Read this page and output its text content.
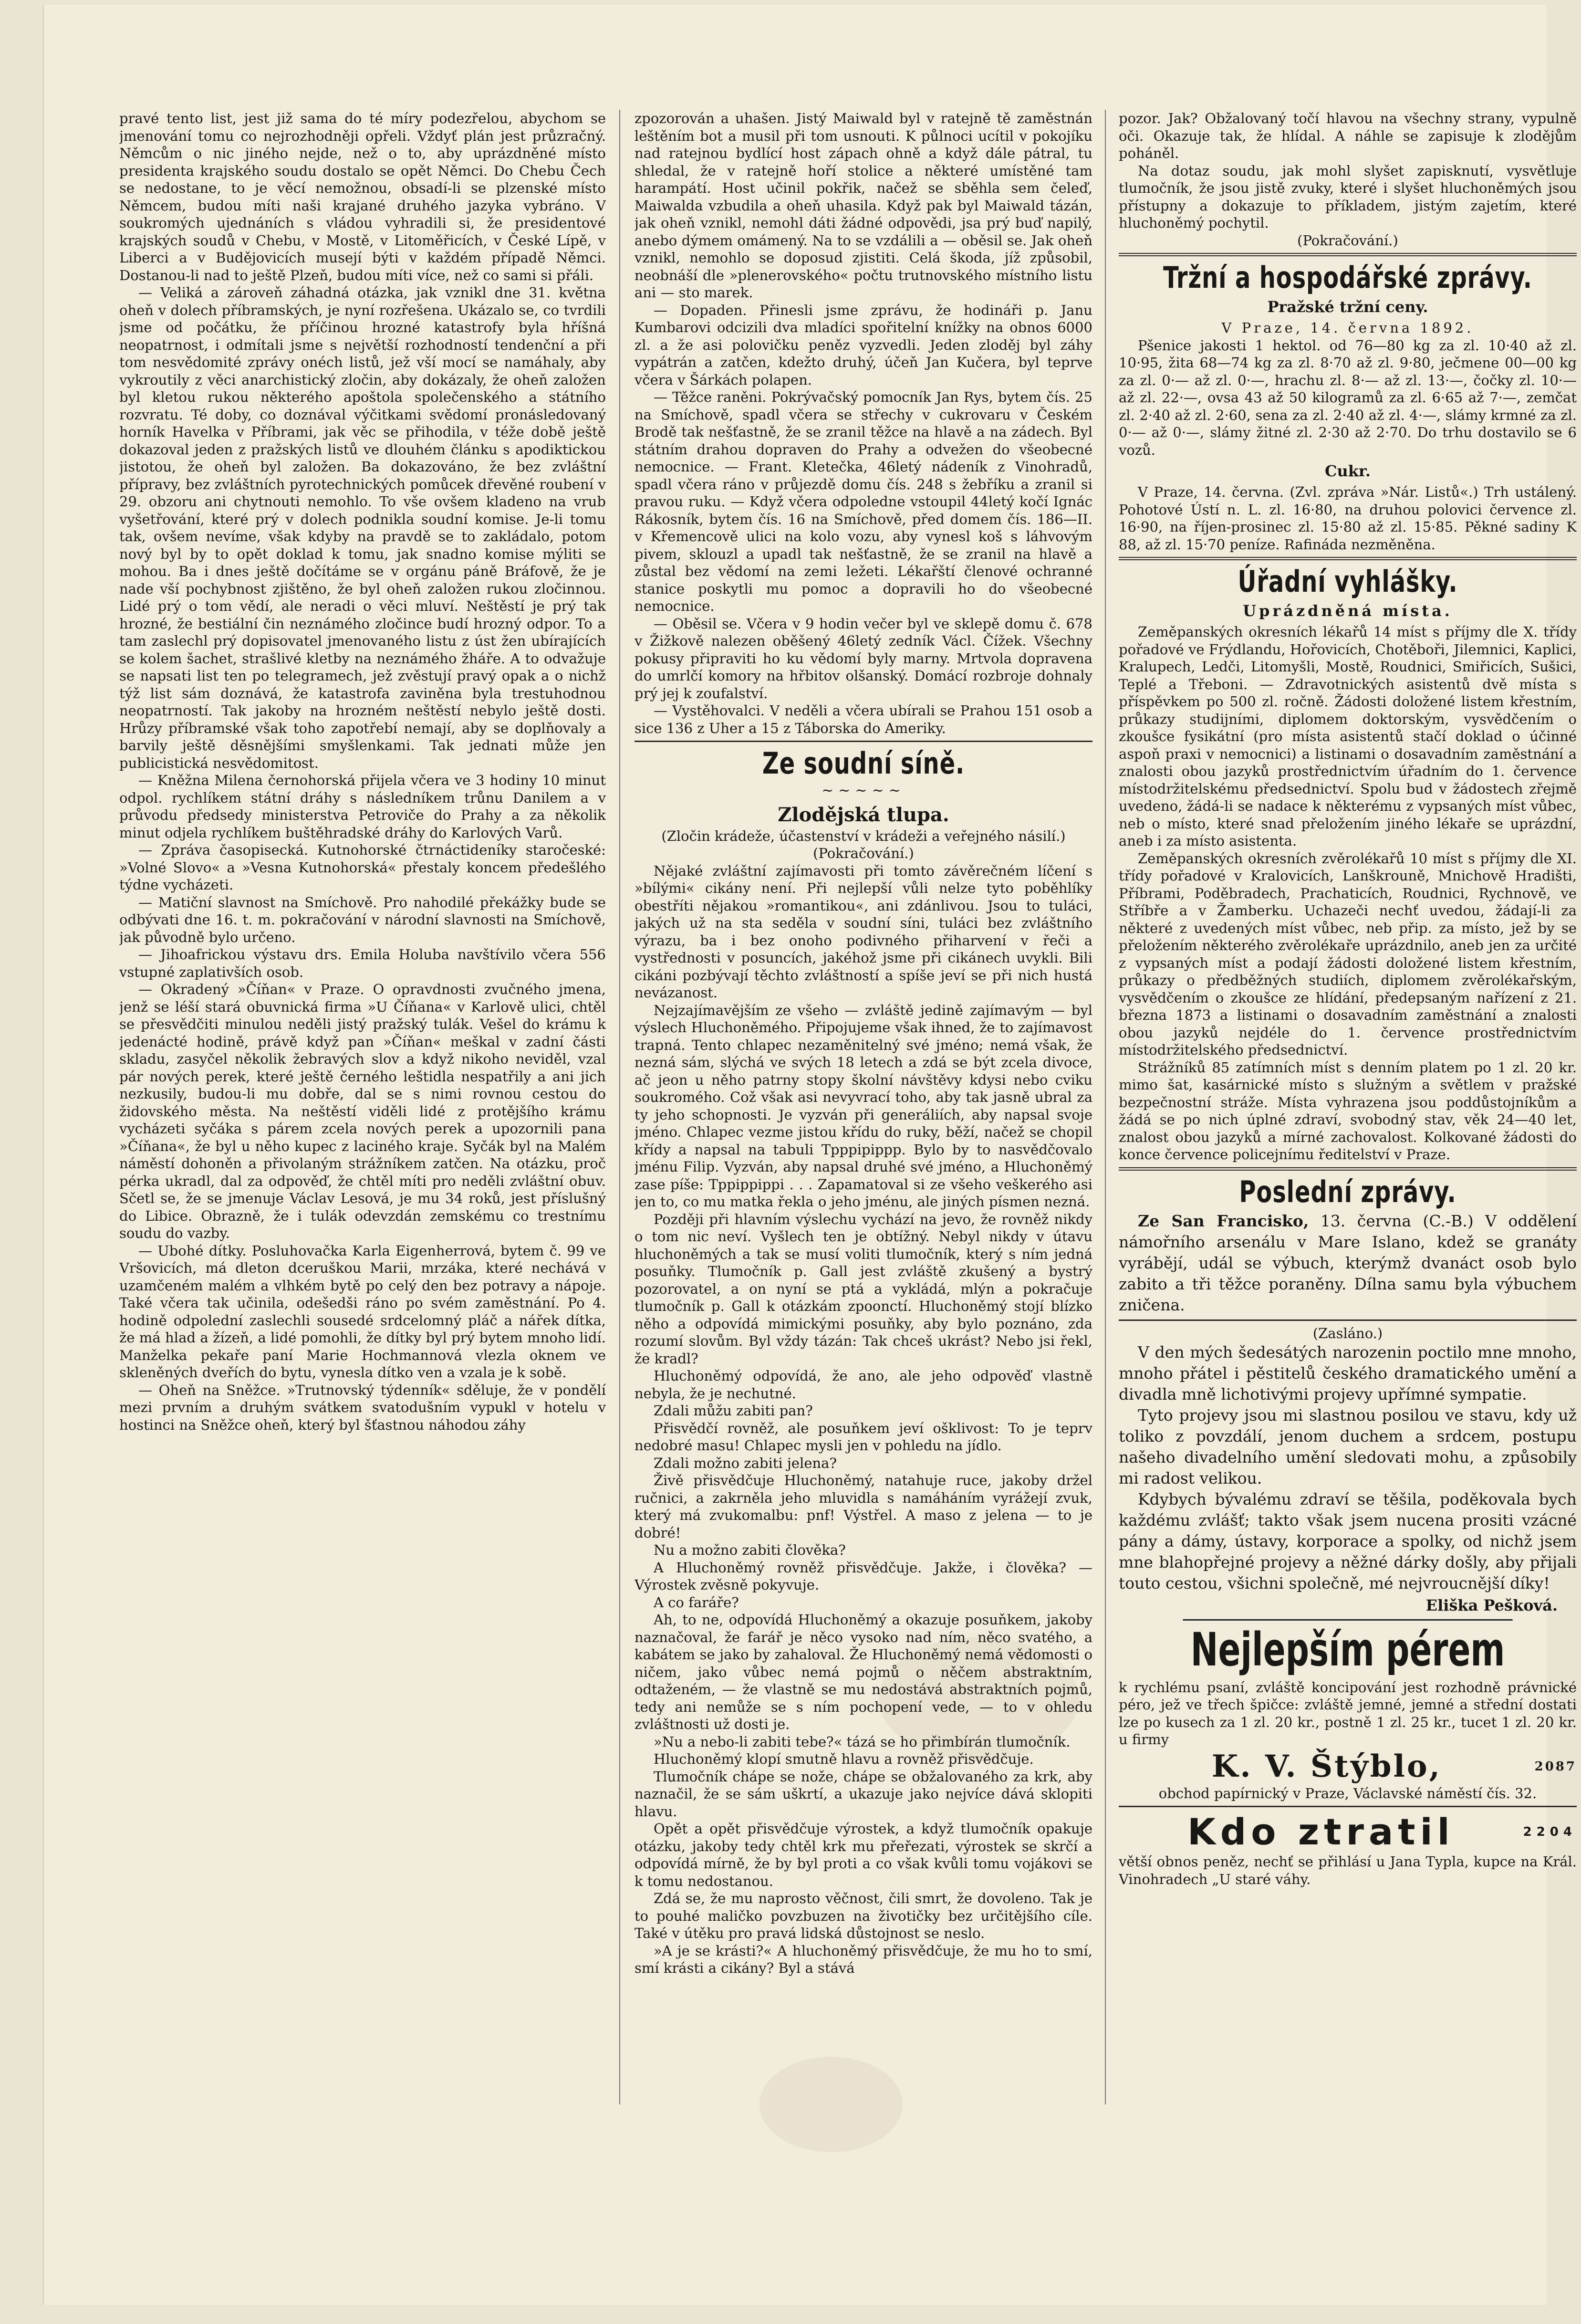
pravé tento list, jest již sama do té míry podezřelou, abychom se jmenování tomu co nejrozhodněji opřeli. Vždyť plán jest průzračný. Němcům o nic jiného nejde, než o to, aby uprázdněné místo presidenta krajského soudu dostalo se opět Němci. Do Chebu Čech se nedostane, to je věcí nemožnou, obsadí-li se plzenské místo Němcem, budou míti naši krajané druhého jazyka vybráno. V soukromých ujednáních s vládou vyhradili si, že presidentové krajských soudů v Chebu, v Mostě, v Litoměřicích, v České Lípě, v Liberci a v Budějovicích musejí býti v každém případě Němci. Dostanou-li nad to ještě Plzeň, budou míti více, než co sami si přáli.

— Veliká a zároveň záhadná otázka, jak vznikl dne 31. května oheň v dolech příbramských, je nyní rozřešena. Ukázalo se, co tvrdili jsme od počátku, že příčinou hrozné katastrofy byla hříšná neopatrnost, i odmítali jsme s největší rozhodností tendenční a při tom nesvědomité zprávy onéch listů, jež vší mocí se namáhaly, aby vykroutily z věci anarchistický zločin, aby dokázaly, že oheň založen byl kletou rukou některého apoštola společenského a státního rozvratu. Té doby, co doznával výčitkami svědomí pronásledovaný horník Havelka v Příbrami, jak věc se přihodila, v téže době ještě dokazoval jeden z pražských listů ve dlouhém článku s apodiktickou jistotou, že oheň byl založen. Ba dokazováno, že bez zvláštní přípravy, bez zvláštních pyrotechnických pomůcek dřevěné roubení v 29. obzoru ani chytnouti nemohlo. To vše ovšem kladeno na vrub vyšetřování, které prý v dolech podnikla soudní komise. Je-li tomu tak, ovšem nevíme, však kdyby na pravdě se to zakládalo, potom nový byl by to opět doklad k tomu, jak snadno komise mýliti se mohou. Ba i dnes ještě dočítáme se v orgánu páně Bráfově, že je nade vší pochybnost zjištěno, že byl oheň založen rukou zločinnou. Lidé prý o tom vědí, ale neradi o věci mluví. Neštěstí je prý tak hrozné, že bestiální čin neznámého zločince budí hrozný odpor. To a tam zaslechl prý dopisovatel jmenovaného listu z úst žen ubírajících se kolem šachet, strašlivé kletby na neznámého žháře. A to odvažuje se napsati list ten po telegramech, jež zvěstují pravý opak a o nichž týž list sám doznává, že katastrofa zaviněna byla trestuhodnou neopatrností. Tak jakoby na hrozném neštěstí nebylo ještě dosti. Hrůzy příbramské však toho zapotřebí nemají, aby se doplňovaly a barvily ještě děsnějšími smyšlenkami. Tak jednati může jen publicistická nesvědomitost.

— Kněžna Milena černohorská přijela včera ve 3 hodiny 10 minut odpol. rychlíkem státní dráhy s následníkem trůnu Danilem a v průvodu předsedy ministerstva Petroviče do Prahy a za několik minut odjela rychlíkem buštěhradské dráhy do Karlových Varů.

— Zpráva časopisecká. Kutnohorské čtrnáctideníky staročeské: »Volné Slovo« a »Vesna Kutnohorská« přestaly koncem předešlého týdne vycházeti.

— Matiční slavnost na Smíchově. Pro nahodilé překážky bude se odbývati dne 16. t. m. pokračování v národní slavnosti na Smíchově, jak původně bylo určeno.

— Jihoafrickou výstavu drs. Emila Holuba navštívilo včera 556 vstupné zaplativších osob.

— Okradený »Číňan« v Praze. O opravdnosti zvučného jmena, jenž se léší stará obuvnická firma »U Číňana« v Karlově ulici, chtěl se přesvědčiti minulou neděli jistý pražský tulák. Vešel do krámu k jedenácté hodině, právě když pan »Číňan« meškal v zadní části skladu, zasyčel několik žebravých slov a když nikoho neviděl, vzal pár nových perek, které ještě černého leštidla nespatřily a ani jich nezkusily, budou-li mu dobře, dal se s nimi rovnou cestou do židovského města. Na neštěstí viděli lidé z protějšího krámu vycházeti syčáka s párem zcela nových perek a upozornili pana »Číňana«, že byl u něho kupec z laciného kraje. Syčák byl na Malém náměstí dohoněn a přivolaným strážníkem zatčen. Na otázku, proč pérka ukradl, dal za odpověď, že chtěl míti pro neděli zvláštní obuv. Sčetl se, že se jmenuje Václav Lesová, je mu 34 roků, jest příslušný do Libice. Obrazně, že i tulák odevzdán zemskému co trestnímu soudu do vazby.

— Ubohé dítky. Posluhovačka Karla Eigenherrová, bytem č. 99 ve Vršovicích, má dleton dceruškou Marii, mrzáka, které nechává v uzamčeném malém a vlhkém bytě po celý den bez potravy a nápoje. Také včera tak učinila, odešedši ráno po svém zaměstnání. Po 4. hodině odpolední zaslechli sousedé srdcelomný pláč a nářek dítka, že má hlad a žízeň, a lidé pomohli, že dítky byl prý bytem mnoho lidí. Manželka pekaře paní Marie Hochmannová vlezla oknem ve skleněných dveřích do bytu, vynesla dítko ven a vzala je k sobě.

— Oheň na Sněžce. »Trutnovský týdenník« sděluje, že v pondělí mezi prvním a druhým svátkem svatodušním vypukl v hotelu v hostinci na Sněžce oheň, který byl šťastnou náhodou záhy

zpozorován a uhašen. Jistý Maiwald byl v ratejně tě zaměstnán leštěním bot a musil při tom usnouti. K půlnoci ucítil v pokojíku nad ratejnou bydlící host zápach ohně a když dále pátral, tu shledal, že v ratejně hoří stolice a některé umístěné tam harampátí. Host učinil pokřik, načež se sběhla sem čeleď, Maiwalda vzbudila a oheň uhasila. Když pak byl Maiwald tázán, jak oheň vznikl, nemohl dáti žádné odpovědi, jsa prý buď napilý, anebo dýmem omámený. Na to se vzdálili a — oběsil se. Jak oheň vznikl, nemohlo se doposud zjistiti. Celá škoda, jíž způsobil, neobnáší dle »plenerovského« počtu trutnovského místního listu ani — sto marek.

— Dopaden. Přinesli jsme zprávu, že hodináři p. Janu Kumbarovi odcizili dva mladíci spořitelní knížky na obnos 6000 zl. a že asi polovičku peněz vyzvedli. Jeden zloděj byl záhy vypátrán a zatčen, kdežto druhý, účeň Jan Kučera, byl teprve včera v Šárkách polapen.

— Těžce raněni. Pokrývačský pomocník Jan Rys, bytem čís. 25 na Smíchově, spadl včera se střechy v cukrovaru v Českém Brodě tak nešťastně, že se zranil těžce na hlavě a na zádech. Byl státním drahou dopraven do Prahy a odvežen do všeobecné nemocnice. — Frant. Kletečka, 46letý nádeník z Vinohradů, spadl včera ráno v průjezdě domu čís. 248 s žebříku a zranil si pravou ruku. — Když včera odpoledne vstoupil 44letý kočí Ignác Rákosník, bytem čís. 16 na Smíchově, před domem čís. 186—II. v Křemencově ulici na kolo vozu, aby vynesl koš s láhvovým pivem, sklouzl a upadl tak nešťastně, že se zranil na hlavě a zůstal bez vědomí na zemi ležeti. Lékařští členové ochranné stanice poskytli mu pomoc a dopravili ho do všeobecné nemocnice.

— Oběsil se. Včera v 9 hodin večer byl ve sklepě domu č. 678 v Žižkově nalezen oběšený 46letý zedník Václ. Čížek. Všechny pokusy připraviti ho ku vědomí byly marny. Mrtvola dopravena do umrlčí komory na hřbitov olšanský. Domácí rozbroje dohnaly prý jej k zoufalství.

— Vystěhovalci. V neděli a včera ubírali se Prahou 151 osob a sice 136 z Uher a 15 z Táborska do Ameriky.

Ze soudní síně.
~~~~~
Zlodějská tlupa.

(Zločin krádeže, účastenství v krádeži a veřejného násilí.)

(Pokračování.)

Nějaké zvláštní zajímavosti při tomto závěrečném líčení s »bílými« cikány není. Při nejlepší vůli nelze tyto poběhlíky obestříti nějakou »romantikou«, ani zdánlivou. Jsou to tuláci, jakých už na sta seděla v soudní síni, tuláci bez zvláštního výrazu, ba i bez onoho podivného přiharvení v řeči a vystřednosti v posuncích, jakéhož jsme při cikánech uvykli. Bili cikáni pozbývají těchto zvláštností a spíše jeví se při nich hustá nevázanost.

Nejzajímavějším ze všeho — zvláště jedině zajímavým — byl výslech Hluchoněmého. Připojujeme však ihned, že to zajímavost trapná. Tento chlapec nezaměnitelný své jméno; nemá však, že nezná sám, slýchá ve svých 18 letech a zdá se být zcela divoce, ač jeon u něho patrny stopy školní návštěvy kdysi nebo cviku soukromého. Což však asi nevyvrací toho, aby tak jasně ubral za ty jeho schopnosti. Je vyzván při generáliích, aby napsal svoje jméno. Chlapec vezme jistou křídu do ruky, běží, načež se chopil křídy a napsal na tabuli Tpppipippp. Bylo by to nasvědčovalo jménu Filip. Vyzván, aby napsal druhé své jméno, a Hluchoněmý zase píše: Tppippippi . . . Zapamatoval si ze všeho veškerého asi jen to, co mu matka řekla o jeho jménu, ale jiných písmen nezná.

Později při hlavním výslechu vychází na jevo, že rovněž nikdy o tom nic neví. Vyšlech ten je obtížný. Nebyl nikdy v útavu hluchoněmých a tak se musí voliti tlumočník, který s ním jedná posuňky. Tlumočník p. Gall jest zvláště zkušený a bystrý pozorovatel, a on nyní se ptá a vykládá, mlýn a pokračuje tlumočník p. Gall k otázkám zpoonctí. Hluchoněmý stojí blízko něho a odpovídá mimickými posuňky, aby bylo poznáno, zda rozumí slovům. Byl vždy tázán: Tak chceš ukrást? Nebo jsi řekl, že kradl?

Hluchoněmý odpovídá, že ano, ale jeho odpověď vlastně nebyla, že je nechutné.

Zdali můžu zabiti pan?

Přisvědčí rovněž, ale posuňkem jeví ošklivost: To je teprv nedobré masu! Chlapec mysli jen v pohledu na jídlo.

Zdali možno zabiti jelena?

Živě přisvědčuje Hluchoněmý, natahuje ruce, jakoby držel ručnici, a zakrněla jeho mluvidla s namáháním vyrážejí zvuk, který má zvukomalbu: pnf! Výstřel. A maso z jelena — to je dobré!

Nu a možno zabiti člověka?

A Hluchoněmý rovněž přisvědčuje. Jakže, i člověka? — Výrostek zvěsně pokyvuje.

A co faráře?

Ah, to ne, odpovídá Hluchoněmý a okazuje posuňkem, jakoby naznačoval, že farář je něco vysoko nad ním, něco svatého, a kabátem se jako by zahaloval. Že Hluchoněmý nemá vědomosti o ničem, jako vůbec nemá pojmů o něčem abstraktním, odtaženém, — že vlastně se mu nedostává abstraktních pojmů, tedy ani nemůže se s ním pochopení vede, — to v ohledu zvláštnosti už dosti je.

»Nu a nebo-li zabiti tebe?« tázá se ho přimbírán tlumočník.

Hluchoněmý klopí smutně hlavu a rovněž přisvědčuje.

Tlumočník chápe se nože, chápe se obžalovaného za krk, aby naznačil, že se sám uškrtí, a ukazuje jako nejvíce dává sklopiti hlavu.

Opět a opět přisvědčuje výrostek, a když tlumočník opakuje otázku, jakoby tedy chtěl krk mu přeřezati, výrostek se skrčí a odpovídá mírně, že by byl proti a co však kvůli tomu vojákovi se k tomu nedostanou.

Zdá se, že mu naprosto věčnost, čili smrt, že dovoleno. Tak je to pouhé maličko povzbuzen na životičky bez určitějšího cíle. Také v útěku pro pravá lidská důstojnost se neslo.

»A je se krásti?« A hluchoněmý přisvědčuje, že mu ho to smí, smí krásti a cikány? Byl a stává

pozor. Jak? Obžalovaný točí hlavou na všechny strany, vypulně oči. Okazuje tak, že hlídal. A náhle se zapisuje k zlodějům poháněl.

Na dotaz soudu, jak mohl slyšet zapisknutí, vysvětluje tlumočník, že jsou jistě zvuky, které i slyšet hluchoněmých jsou přístupny a dokazuje to příkladem, jistým zajetím, které hluchoněmý pochytil.

(Pokračování.)

Tržní a hospodářské zprávy.
Pražské tržní ceny.

V Praze, 14. června 1892.

Pšenice jakosti 1 hektol. od 76—80 kg za zl. 10·40 až zl. 10·95, žita 68—74 kg za zl. 8·70 až zl. 9·80, ječmene 00—00 kg za zl. 0·— až zl. 0·—, hrachu zl. 8·— až zl. 13·—, čočky zl. 10·— až zl. 22·—, ovsa 43 až 50 kilogramů za zl. 6·65 až 7·—, zemčat zl. 2·40 až zl. 2·60, sena za zl. 2·40 až zl. 4·—, slámy krmné za zl. 0·— až 0·—, slámy žitné zl. 2·30 až 2·70. Do trhu dostavilo se 6 vozů.

Cukr.

V Praze, 14. června. (Zvl. zpráva »Nár. Listů«.) Trh ustálený. Pohotové Ústí n. L. zl. 16·80, na druhou polovici července zl. 16·90, na říjen-prosinec zl. 15·80 až zl. 15·85. Pěkné sadiny K 88, až zl. 15·70 peníze. Rafináda nezměněna.

Úřadní vyhlášky.
Uprázdněná místa.

Zeměpanských okresních lékařů 14 míst s příjmy dle X. třídy pořadové ve Frýdlandu, Hořovicích, Chotěboři, Jilemnici, Kaplici, Kralupech, Ledči, Litomyšli, Mostě, Roudnici, Smiřicích, Sušici, Teplé a Třeboni. — Zdravotnických asistentů dvě místa s příspěvkem po 500 zl. ročně. Žádosti doložené listem křestním, průkazy studijními, diplomem doktorským, vysvědčením o zkoušce fysikátní (pro místa asistentů stačí doklad o účinné aspoň praxi v nemocnici) a listinami o dosavadním zaměstnání a znalosti obou jazyků prostřednictvím úřadním do 1. července místodržitelskému předsednictví. Spolu bud v žádostech zřejmě uvedeno, žádá-li se nadace k některému z vypsaných míst vůbec, neb o místo, které snad přeložením jiného lékaře se uprázdní, aneb i za místo asistenta.

Zeměpanských okresních zvěrolékařů 10 míst s příjmy dle XI. třídy pořadové v Kralovicích, Lanškrouně, Mnichově Hradišti, Příbrami, Poděbradech, Prachaticích, Roudnici, Rychnově, ve Stříbře a v Žamberku. Uchazeči nechť uvedou, žádají-li za některé z uvedených míst vůbec, neb přip. za místo, jež by se přeložením některého zvěrolékaře uprázdnilo, aneb jen za určité z vypsaných míst a podají žádosti doložené listem křestním, průkazy o předběžných studiích, diplomem zvěrolékařským, vysvědčením o zkoušce ze hlídání, předepsaným nařízení z 21. března 1873 a listinami o dosavadním zaměstnání a znalosti obou jazyků nejdéle do 1. července prostřednictvím místodržitelského předsednictví.

Strážníků 85 zatímních míst s denním platem po 1 zl. 20 kr. mimo šat, kasárnické místo s služným a světlem v pražské bezpečnostní stráže. Místa vyhrazena jsou poddůstojníkům a žádá se po nich úplné zdraví, svobodný stav, věk 24—40 let, znalost obou jazyků a mírné zachovalost. Kolkované žádosti do konce července policejnímu ředitelství v Praze.

Poslední zprávy.

Ze San Francisko, 13. června (C.-B.) V oddělení námořního arsenálu v Mare Islano, kdež se granáty vyrábějí, udál se výbuch, kterýmž dvanáct osob bylo zabito a tři těžce poraněny. Dílna samu byla výbuchem zničena.

(Zasláno.)

V den mých šedesátých narozenin poctilo mne mnoho, mnoho přátel i pěstitelů českého dramatického umění a divadla mně lichotivými projevy upřímné sympatie.

Tyto projevy jsou mi slastnou posilou ve stavu, kdy už toliko z povzdálí, jenom duchem a srdcem, postupu našeho divadelního umění sledovati mohu, a způsobily mi radost velikou.

Kdybych bývalému zdraví se těšila, poděkovala bych každému zvlášť; takto však jsem nucena prositi vzácné pány a dámy, ústavy, korporace a spolky, od nichž jsem mne blahopřejné projevy a něžné dárky došly, aby přijali touto cestou, všichni společně, mé nejvroucnější díky!

Eliška Pešková.
Nejlepším pérem

k rychlému psaní, zvláště koncipování jest rozhodně právnické péro, jež ve třech špičce: zvláště jemné, jemné a střední dostati lze po kusech za 1 zl. 20 kr., postně 1 zl. 25 kr., tucet 1 zl. 20 kr. u firmy

2087
K. V. Štýblo,

obchod papírnický v Praze, Václavské náměstí čís. 32.

2204
Kdo ztratil

větší obnos peněz, nechť se přihlásí u Jana Typla, kupce na Král. Vinohradech „U staré váhy.
